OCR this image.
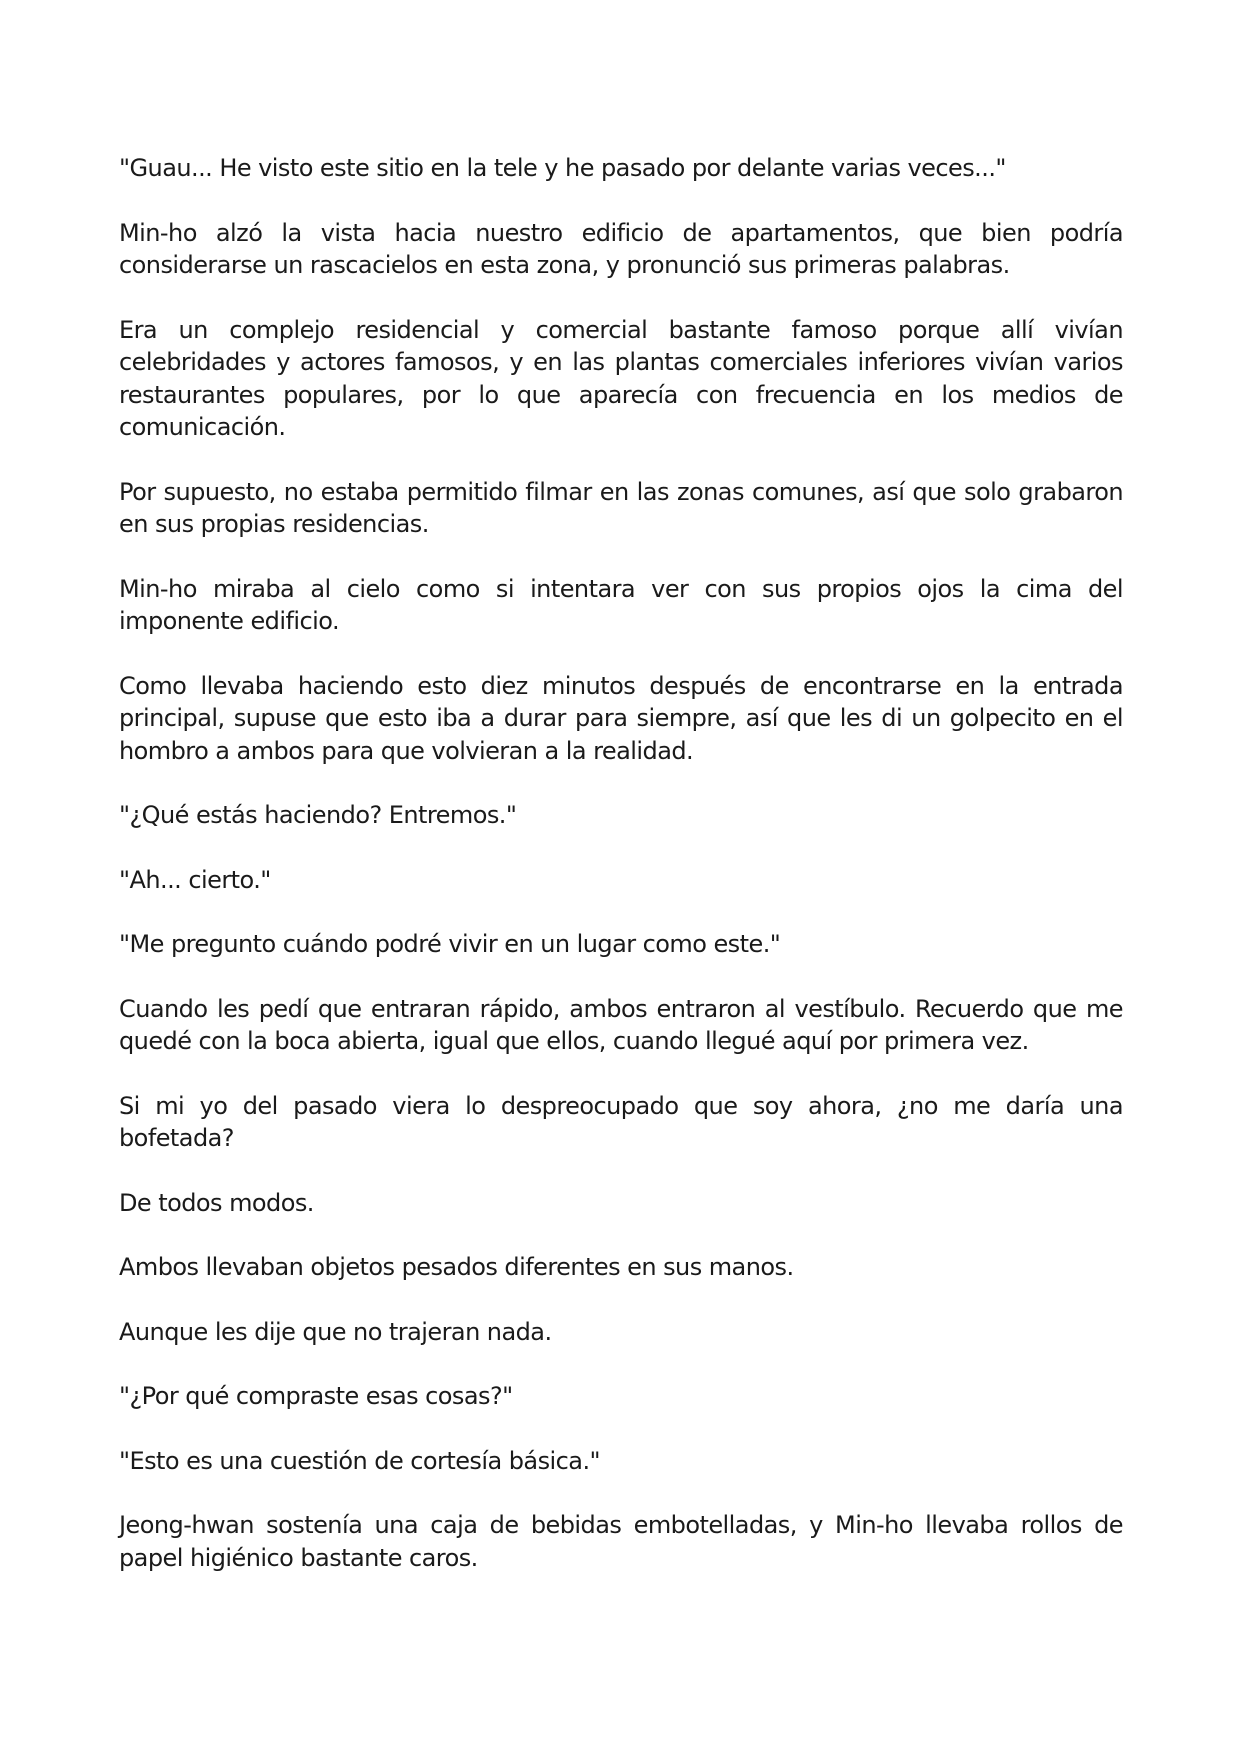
"Guau... He visto este sitio en la tele y he pasado por delante varias veces..."

Min-ho alzó la vista hacia nuestro edificio de apartamentos, que bien podría considerarse un rascacielos en esta zona, y pronunció sus primeras palabras.

Era un complejo residencial y comercial bastante famoso porque allí vivían celebridades y actores famosos, y en las plantas comerciales inferiores vivían varios restaurantes populares, por lo que aparecía con frecuencia en los medios de comunicación.

Por supuesto, no estaba permitido filmar en las zonas comunes, así que solo grabaron en sus propias residencias.

Min-ho miraba al cielo como si intentara ver con sus propios ojos la cima del imponente edificio.

Como llevaba haciendo esto diez minutos después de encontrarse en la entrada principal, supuse que esto iba a durar para siempre, así que les di un golpecito en el hombro a ambos para que volvieran a la realidad.

"¿Qué estás haciendo? Entremos."

"Ah... cierto."

"Me pregunto cuándo podré vivir en un lugar como este."

Cuando les pedí que entraran rápido, ambos entraron al vestíbulo. Recuerdo que me quedé con la boca abierta, igual que ellos, cuando llegué aquí por primera vez.

Si mi yo del pasado viera lo despreocupado que soy ahora, ¿no me daría una bofetada?

De todos modos.

Ambos llevaban objetos pesados diferentes en sus manos.

Aunque les dije que no trajeran nada.

"¿Por qué compraste esas cosas?"

"Esto es una cuestión de cortesía básica."

Jeong-hwan sostenía una caja de bebidas embotelladas, y Min-ho llevaba rollos de papel higiénico bastante caros.
